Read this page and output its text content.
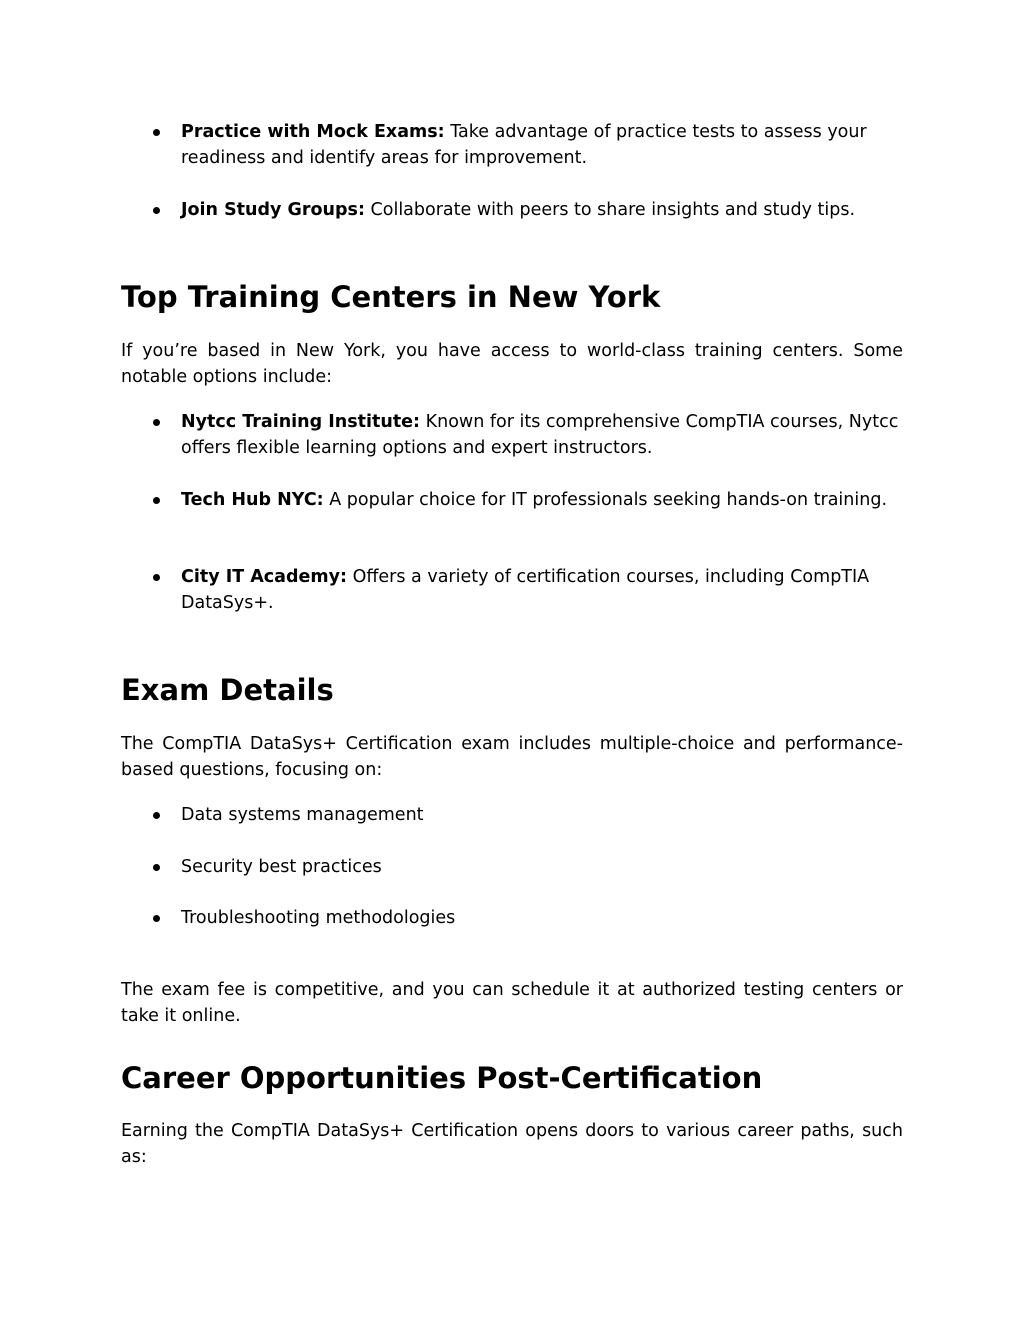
Practice with Mock Exams: Take advantage of practice tests to assess your readiness and identify areas for improvement.
Join Study Groups: Collaborate with peers to share insights and study tips.
Top Training Centers in New York

If you’re based in New York, you have access to world-class training centers. Some notable options include:

Nytcc Training Institute: Known for its comprehensive CompTIA courses, Nytcc offers flexible learning options and expert instructors.
Tech Hub NYC: A popular choice for IT professionals seeking hands-on training.
City IT Academy: Offers a variety of certification courses, including CompTIA DataSys+.
Exam Details

The CompTIA DataSys+ Certification exam includes multiple-choice and performance-based questions, focusing on:

Data systems management
Security best practices
Troubleshooting methodologies

The exam fee is competitive, and you can schedule it at authorized testing centers or take it online.

Career Opportunities Post-Certification

Earning the CompTIA DataSys+ Certification opens doors to various career paths, such as:
